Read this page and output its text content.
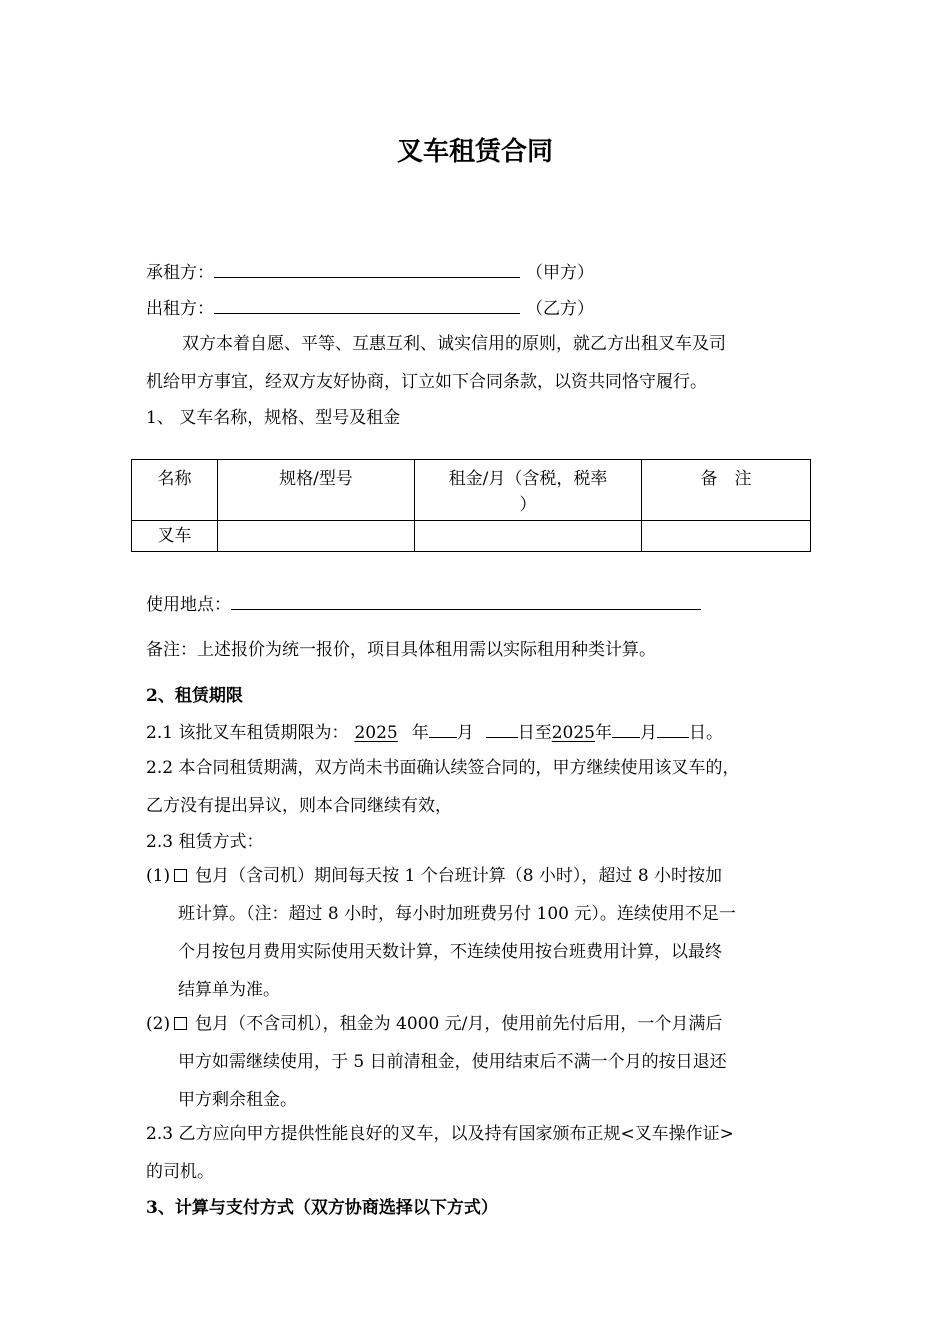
叉车租赁合同
承租方：	（甲方）
出租方：	（乙方）
双方本着自愿、平等、互惠互利、诚实信用的原则，就乙方出租叉车及司
机给甲方事宜，经双方友好协商，订立如下合同条款，以资共同恪守履行。
1、 叉车名称，规格、型号及租金
名称	规格/型号	租金/月（含税，税率
）	备　注
叉车			
使用地点：
备注：上述报价为统一报价，项目具体租用需以实际租用种类计算。
2、租赁期限
2.1 该批叉车租赁期限为： 2025 年 月	日至2025年 月 日。
2.2 本合同租赁期满，双方尚未书面确认续签合同的，甲方继续使用该叉车的，
乙方没有提出异议，则本合同继续有效，
2.3 租赁方式：
(1) 包月（含司机）期间每天按 1 个台班计算（8 小时），超过 8 小时按加
班计算。（注：超过 8 小时，每小时加班费另付 100 元）。连续使用不足一
个月按包月费用实际使用天数计算，不连续使用按台班费用计算，以最终
结算单为准。
(2) 包月（不含司机），租金为 4000 元/月，使用前先付后用，一个月满后
甲方如需继续使用，于 5 日前清租金，使用结束后不满一个月的按日退还
甲方剩余租金。
2.3 乙方应向甲方提供性能良好的叉车，以及持有国家颁布正规<叉车操作证>
的司机。
3、计算与支付方式（双方协商选择以下方式）
